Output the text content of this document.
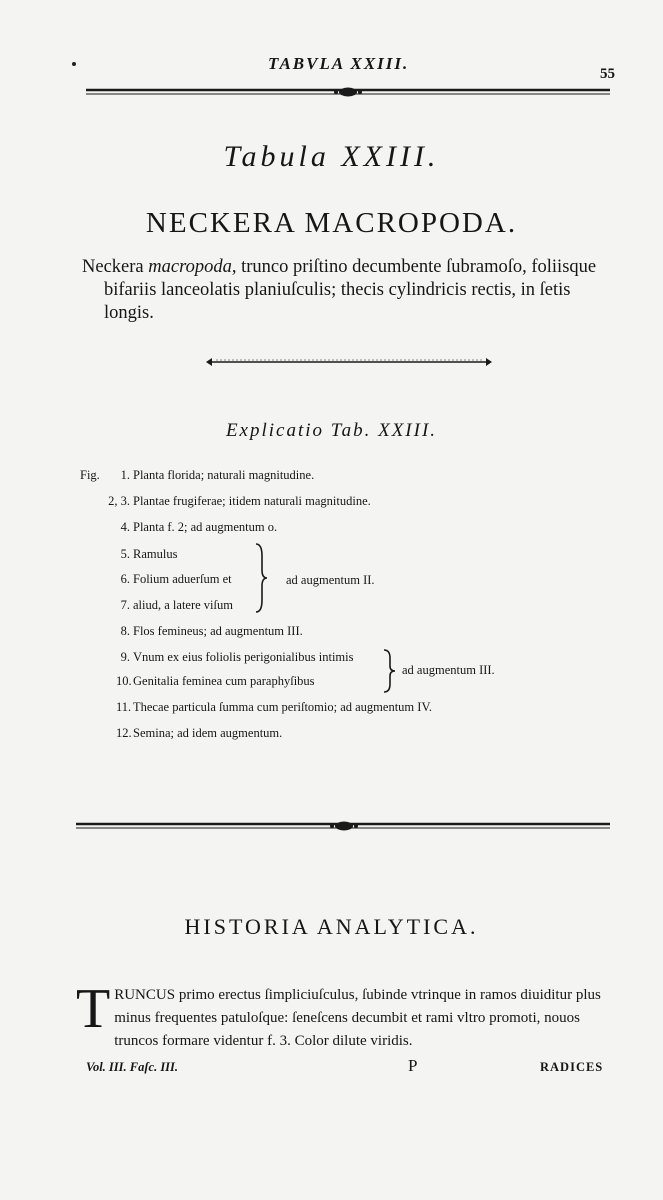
TABVLA XXIII.
55
Tabula XXIII.
NECKERA MACROPODA.
Neckera macropoda, trunco priſtino decumbente ſubramoſo, foliisque bifariis lanceolatis planiuſculis; thecis cylindricis rectis, in ſetis longis.
Explicatio Tab. XXIII.
Fig.	1. Planta florida; naturali magnitudine.
2, 3. Plantae frugiferae; itidem naturali magnitudine.
4. Planta f. 2; ad augmentum o.
5. Ramulus
6. Folium aduerſum et
7. aliud, a latere viſum
ad augmentum II.
8. Flos femineus; ad augmentum III.
9. Vnum ex eius foliolis perigonialibus intimis
10. Genitalia feminea cum paraphyſibus
ad augmentum III.
11. Thecae particula ſumma cum periſtomio; ad augmentum IV.
12. Semina; ad idem augmentum.
HISTORIA ANALYTICA.
TRUNCUS primo erectus ſimpliciuſculus, ſubinde vtrinque in ramos diuiditur plus minus frequentes patuloſque: ſeneſcens decumbit et rami vltro promoti, nouos truncos formare videntur f. 3. Color dilute viridis.
Vol. III. Faſc. III.	P	RADICES
